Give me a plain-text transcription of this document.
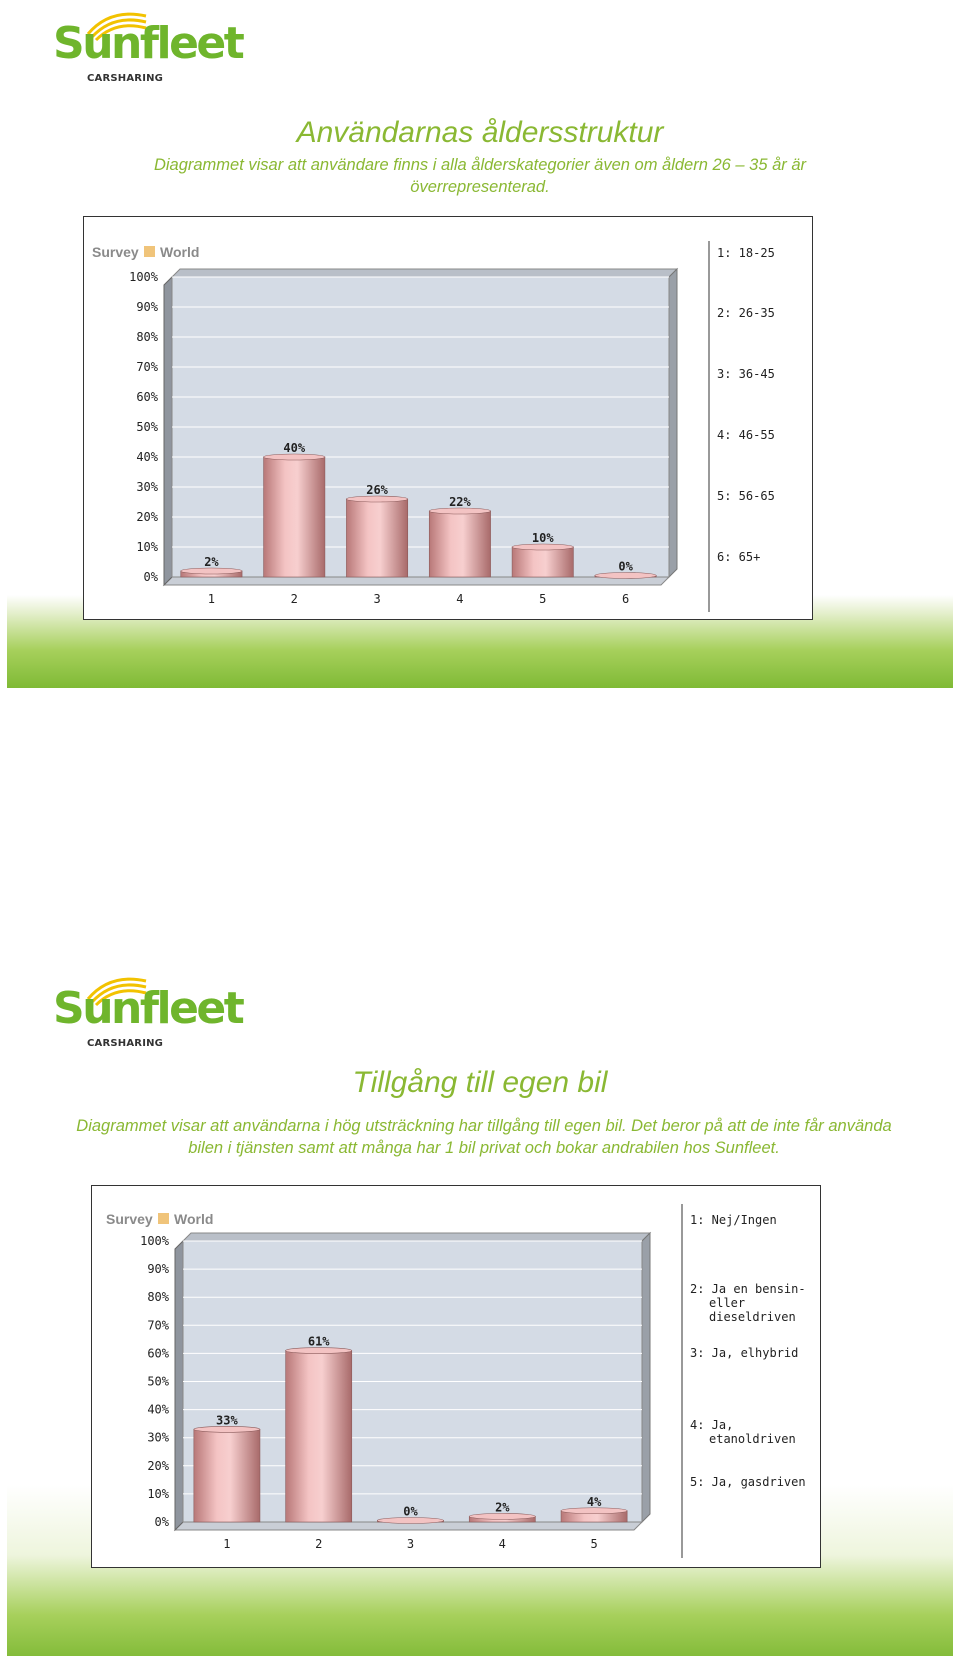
Sunfleet
CARSHARING
Användarnas åldersstruktur
Diagrammet visar att användare finns i alla ålderskategorier även om åldern 26 – 35 år är överrepresenterad.
Survey World
0%
10%
20%
30%
40%
50%
60%
70%
80%
90%
100%
2%
1
40%
2
26%
3
22%
4
10%
5
0%
6
1: 18-25
2: 26-35
3: 36-45
4: 46-55
5: 56-65
6: 65+
Sunfleet
CARSHARING
Tillgång till egen bil
Diagrammet visar att användarna i hög utsträckning har tillgång till egen bil. Det beror på att de inte får använda bilen i tjänsten samt att många har 1 bil privat och bokar andrabilen hos Sunfleet.
Survey World
0%
10%
20%
30%
40%
50%
60%
70%
80%
90%
100%
33%
1
61%
2
0%
3
2%
4
4%
5
1: Nej/Ingen
2: Ja en bensin-
eller
dieseldriven
3: Ja, elhybrid
4: Ja,
etanoldriven
5: Ja, gasdriven
